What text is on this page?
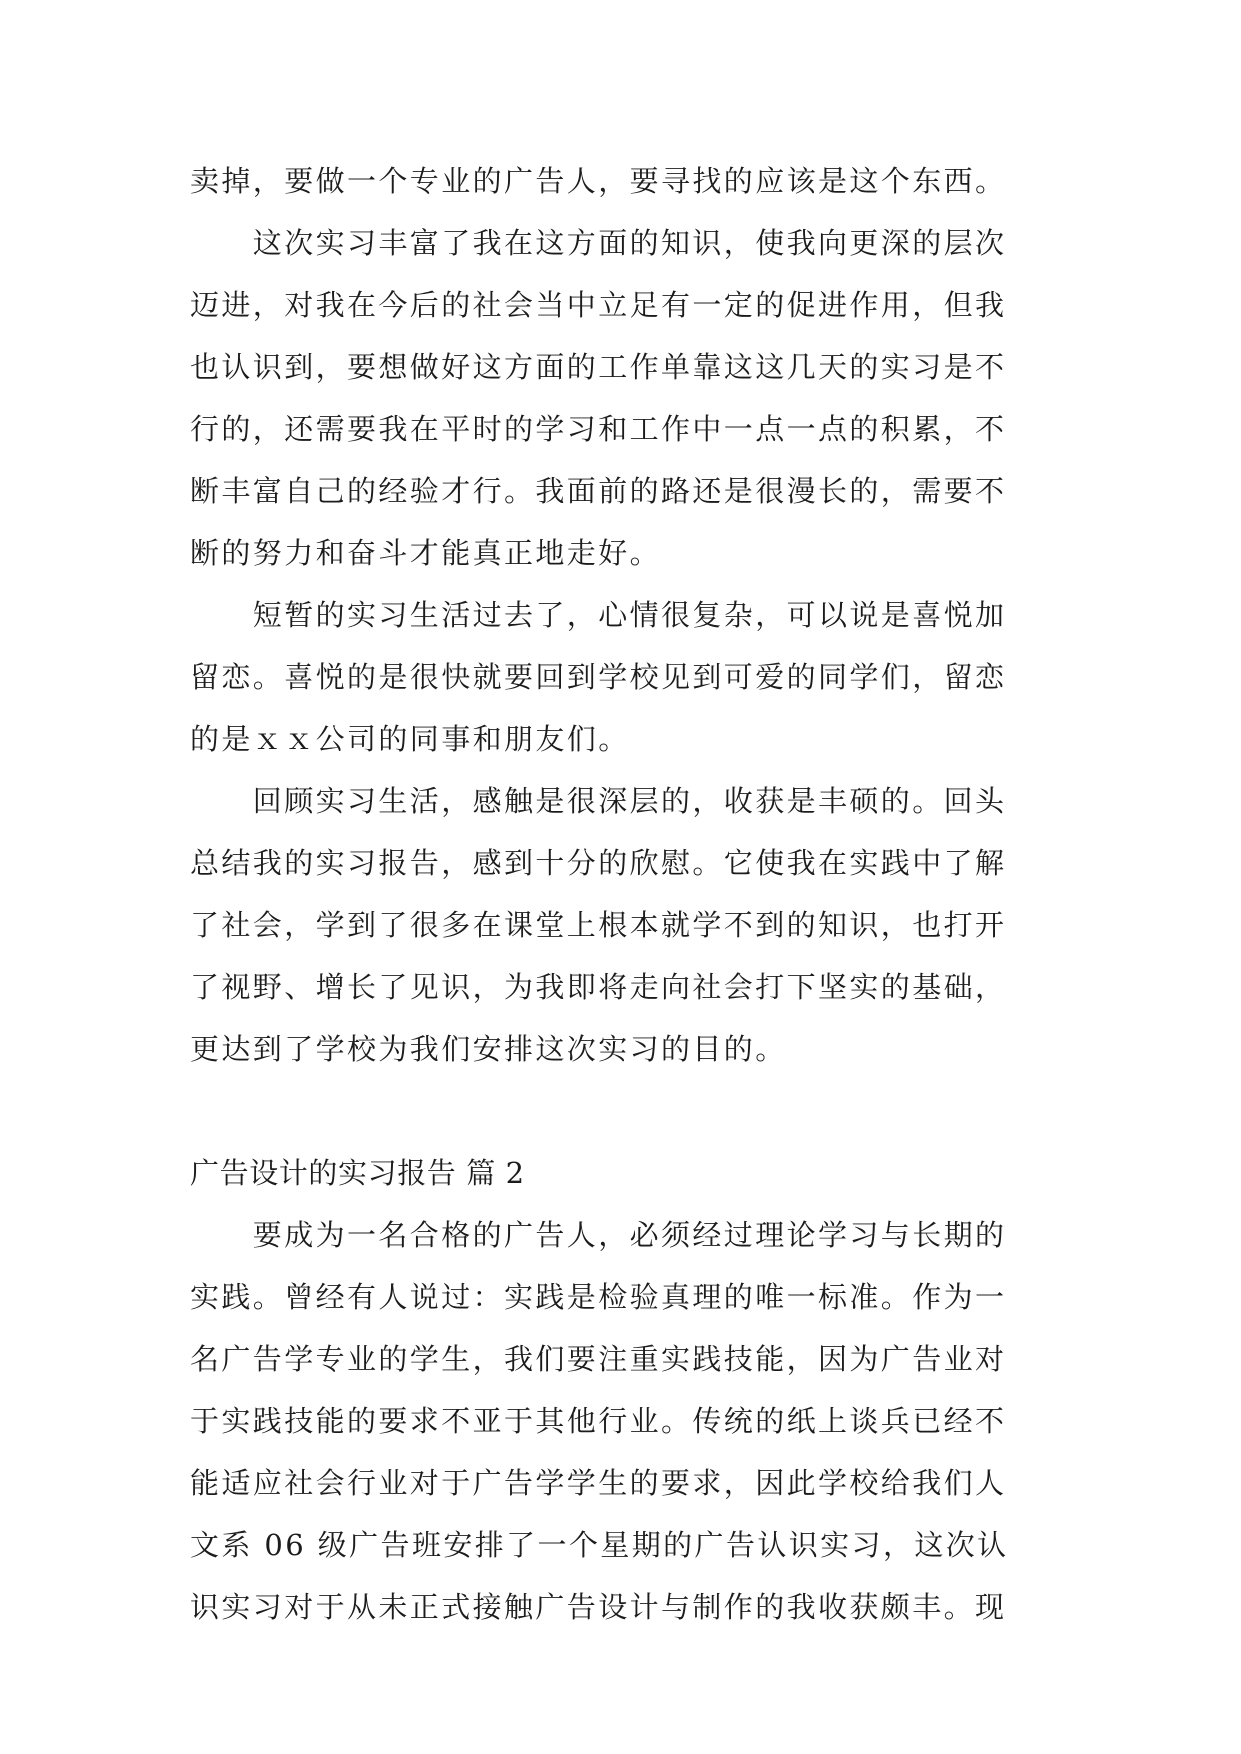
卖掉，要做一个专业的广告人，要寻找的应该是这个东西。
　　这次实习丰富了我在这方面的知识，使我向更深的层次
迈进，对我在今后的社会当中立足有一定的促进作用，但我
也认识到，要想做好这方面的工作单靠这这几天的实习是不
行的，还需要我在平时的学习和工作中一点一点的积累，不
断丰富自己的经验才行。我面前的路还是很漫长的，需要不
断的努力和奋斗才能真正地走好。
　　短暂的实习生活过去了，心情很复杂，可以说是喜悦加
留恋。喜悦的是很快就要回到学校见到可爱的同学们，留恋
的是ｘｘ公司的同事和朋友们。
　　回顾实习生活，感触是很深层的，收获是丰硕的。回头
总结我的实习报告，感到十分的欣慰。它使我在实践中了解
了社会，学到了很多在课堂上根本就学不到的知识，也打开
了视野、增长了见识，为我即将走向社会打下坚实的基础，
更达到了学校为我们安排这次实习的目的。
广告设计的实习报告 篇 2
　　要成为一名合格的广告人，必须经过理论学习与长期的
实践。曾经有人说过：实践是检验真理的唯一标准。作为一
名广告学专业的学生，我们要注重实践技能，因为广告业对
于实践技能的要求不亚于其他行业。传统的纸上谈兵已经不
能适应社会行业对于广告学学生的要求，因此学校给我们人
文系 06 级广告班安排了一个星期的广告认识实习，这次认
识实习对于从未正式接触广告设计与制作的我收获颇丰。现
